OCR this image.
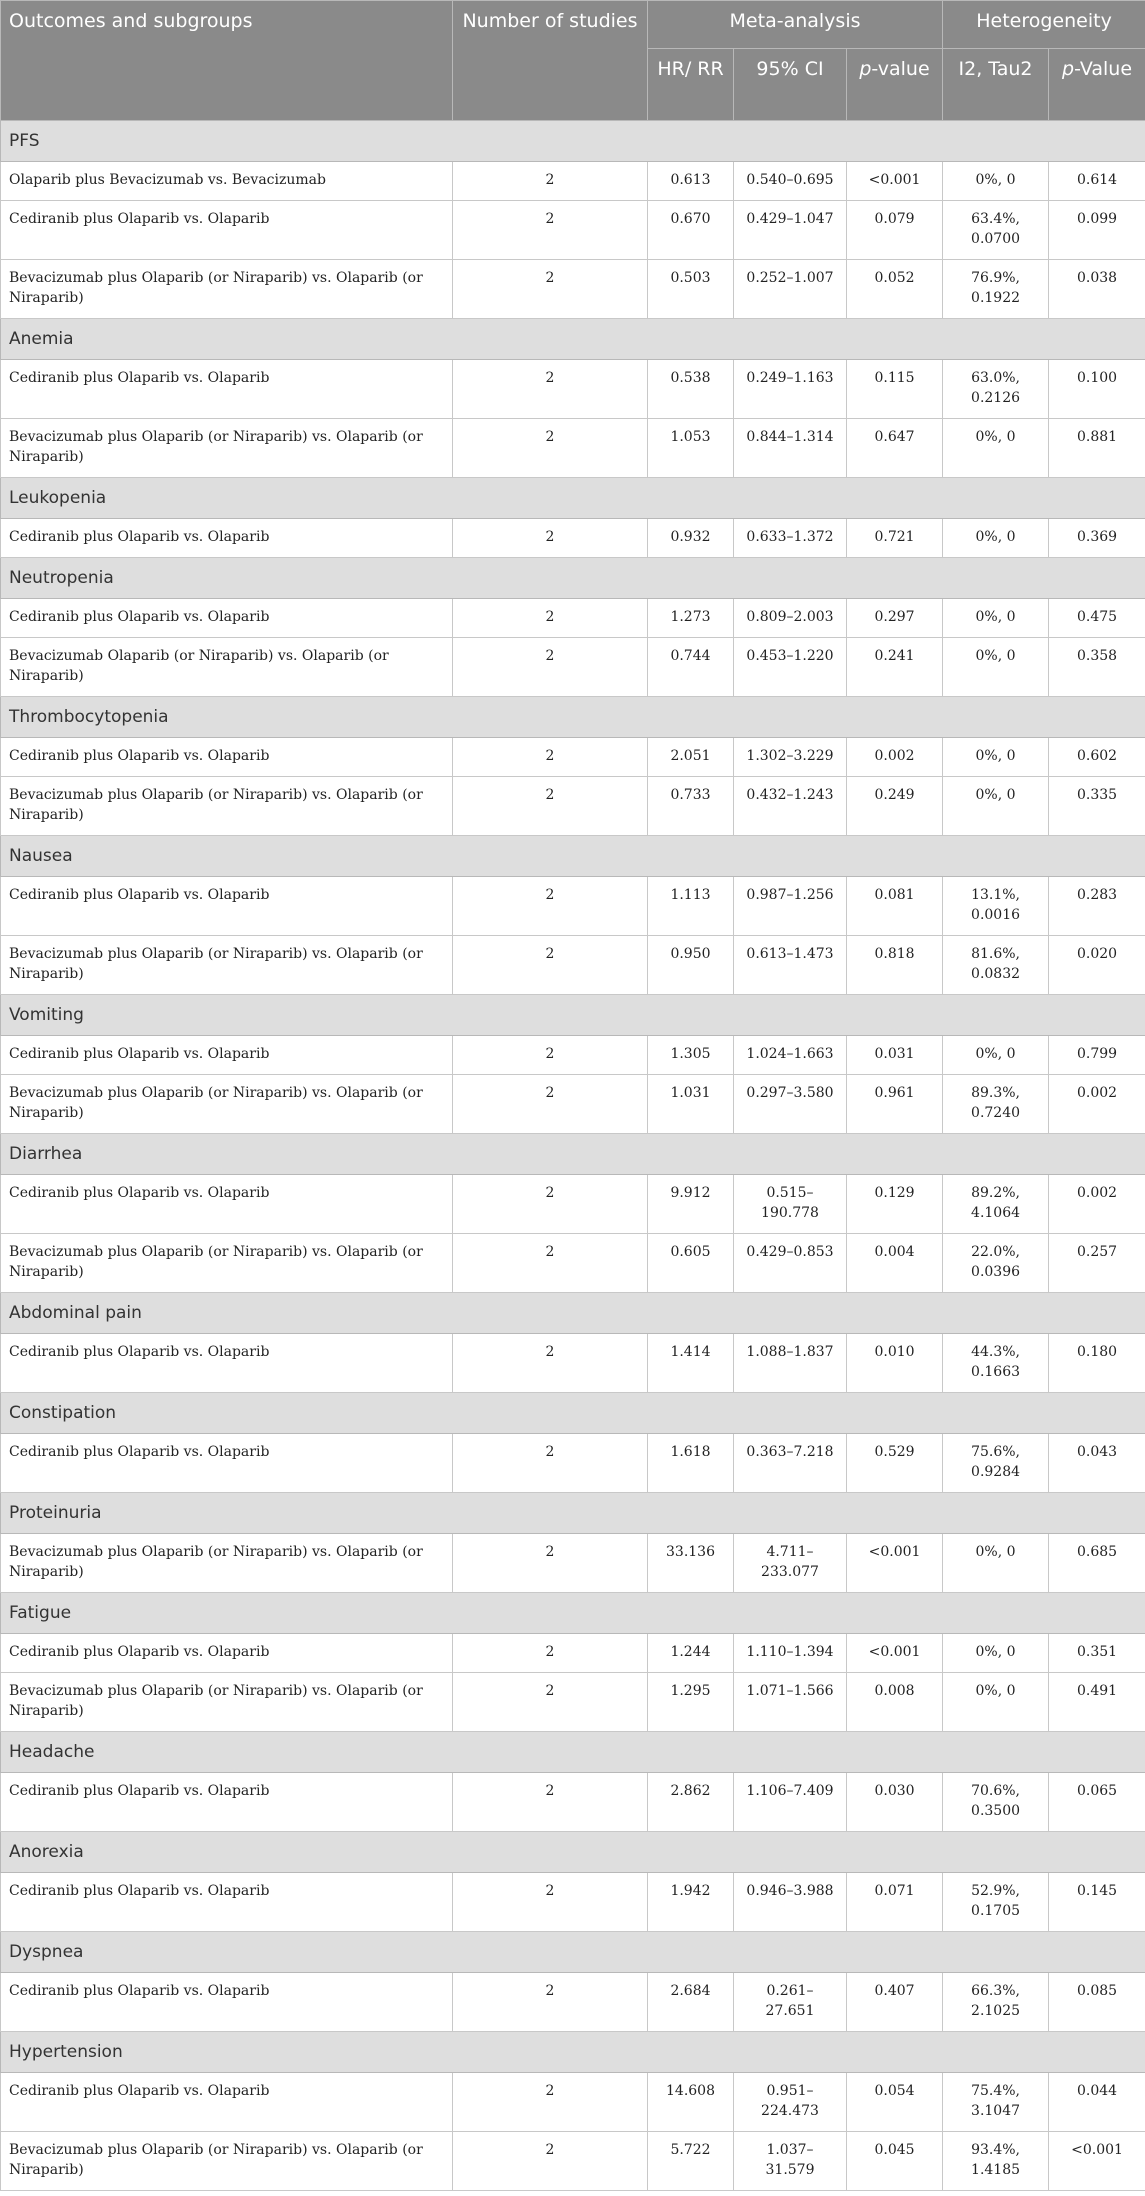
Outcomes and subgroups	Number of studies	Meta-analysis			Heterogeneity	
		HR/ RR	95% CI	p-value	I2, Tau2	p-Value
PFS						
Olaparib plus Bevacizumab vs. Bevacizumab	2	0.613	0.540–0.695	<0.001	0%, 0	0.614
Cediranib plus Olaparib vs. Olaparib	2	0.670	0.429–1.047	0.079	63.4%, 0.0700	0.099
Bevacizumab plus Olaparib (or Niraparib) vs. Olaparib (or Niraparib)	2	0.503	0.252–1.007	0.052	76.9%, 0.1922	0.038
Anemia						
Cediranib plus Olaparib vs. Olaparib	2	0.538	0.249–1.163	0.115	63.0%, 0.2126	0.100
Bevacizumab plus Olaparib (or Niraparib) vs. Olaparib (or Niraparib)	2	1.053	0.844–1.314	0.647	0%, 0	0.881
Leukopenia						
Cediranib plus Olaparib vs. Olaparib	2	0.932	0.633–1.372	0.721	0%, 0	0.369
Neutropenia						
Cediranib plus Olaparib vs. Olaparib	2	1.273	0.809–2.003	0.297	0%, 0	0.475
Bevacizumab Olaparib (or Niraparib) vs. Olaparib (or Niraparib)	2	0.744	0.453–1.220	0.241	0%, 0	0.358
Thrombocytopenia						
Cediranib plus Olaparib vs. Olaparib	2	2.051	1.302–3.229	0.002	0%, 0	0.602
Bevacizumab plus Olaparib (or Niraparib) vs. Olaparib (or Niraparib)	2	0.733	0.432–1.243	0.249	0%, 0	0.335
Nausea						
Cediranib plus Olaparib vs. Olaparib	2	1.113	0.987–1.256	0.081	13.1%, 0.0016	0.283
Bevacizumab plus Olaparib (or Niraparib) vs. Olaparib (or Niraparib)	2	0.950	0.613–1.473	0.818	81.6%, 0.0832	0.020
Vomiting						
Cediranib plus Olaparib vs. Olaparib	2	1.305	1.024–1.663	0.031	0%, 0	0.799
Bevacizumab plus Olaparib (or Niraparib) vs. Olaparib (or Niraparib)	2	1.031	0.297–3.580	0.961	89.3%, 0.7240	0.002
Diarrhea						
Cediranib plus Olaparib vs. Olaparib	2	9.912	0.515–190.778	0.129	89.2%, 4.1064	0.002
Bevacizumab plus Olaparib (or Niraparib) vs. Olaparib (or Niraparib)	2	0.605	0.429–0.853	0.004	22.0%, 0.0396	0.257
Abdominal pain						
Cediranib plus Olaparib vs. Olaparib	2	1.414	1.088–1.837	0.010	44.3%, 0.1663	0.180
Constipation						
Cediranib plus Olaparib vs. Olaparib	2	1.618	0.363–7.218	0.529	75.6%, 0.9284	0.043
Proteinuria						
Bevacizumab plus Olaparib (or Niraparib) vs. Olaparib (or Niraparib)	2	33.136	4.711–233.077	<0.001	0%, 0	0.685
Fatigue						
Cediranib plus Olaparib vs. Olaparib	2	1.244	1.110–1.394	<0.001	0%, 0	0.351
Bevacizumab plus Olaparib (or Niraparib) vs. Olaparib (or Niraparib)	2	1.295	1.071–1.566	0.008	0%, 0	0.491
Headache						
Cediranib plus Olaparib vs. Olaparib	2	2.862	1.106–7.409	0.030	70.6%, 0.3500	0.065
Anorexia						
Cediranib plus Olaparib vs. Olaparib	2	1.942	0.946–3.988	0.071	52.9%, 0.1705	0.145
Dyspnea						
Cediranib plus Olaparib vs. Olaparib	2	2.684	0.261–27.651	0.407	66.3%, 2.1025	0.085
Hypertension						
Cediranib plus Olaparib vs. Olaparib	2	14.608	0.951–224.473	0.054	75.4%, 3.1047	0.044
Bevacizumab plus Olaparib (or Niraparib) vs. Olaparib (or Niraparib)	2	5.722	1.037–31.579	0.045	93.4%, 1.4185	<0.001
